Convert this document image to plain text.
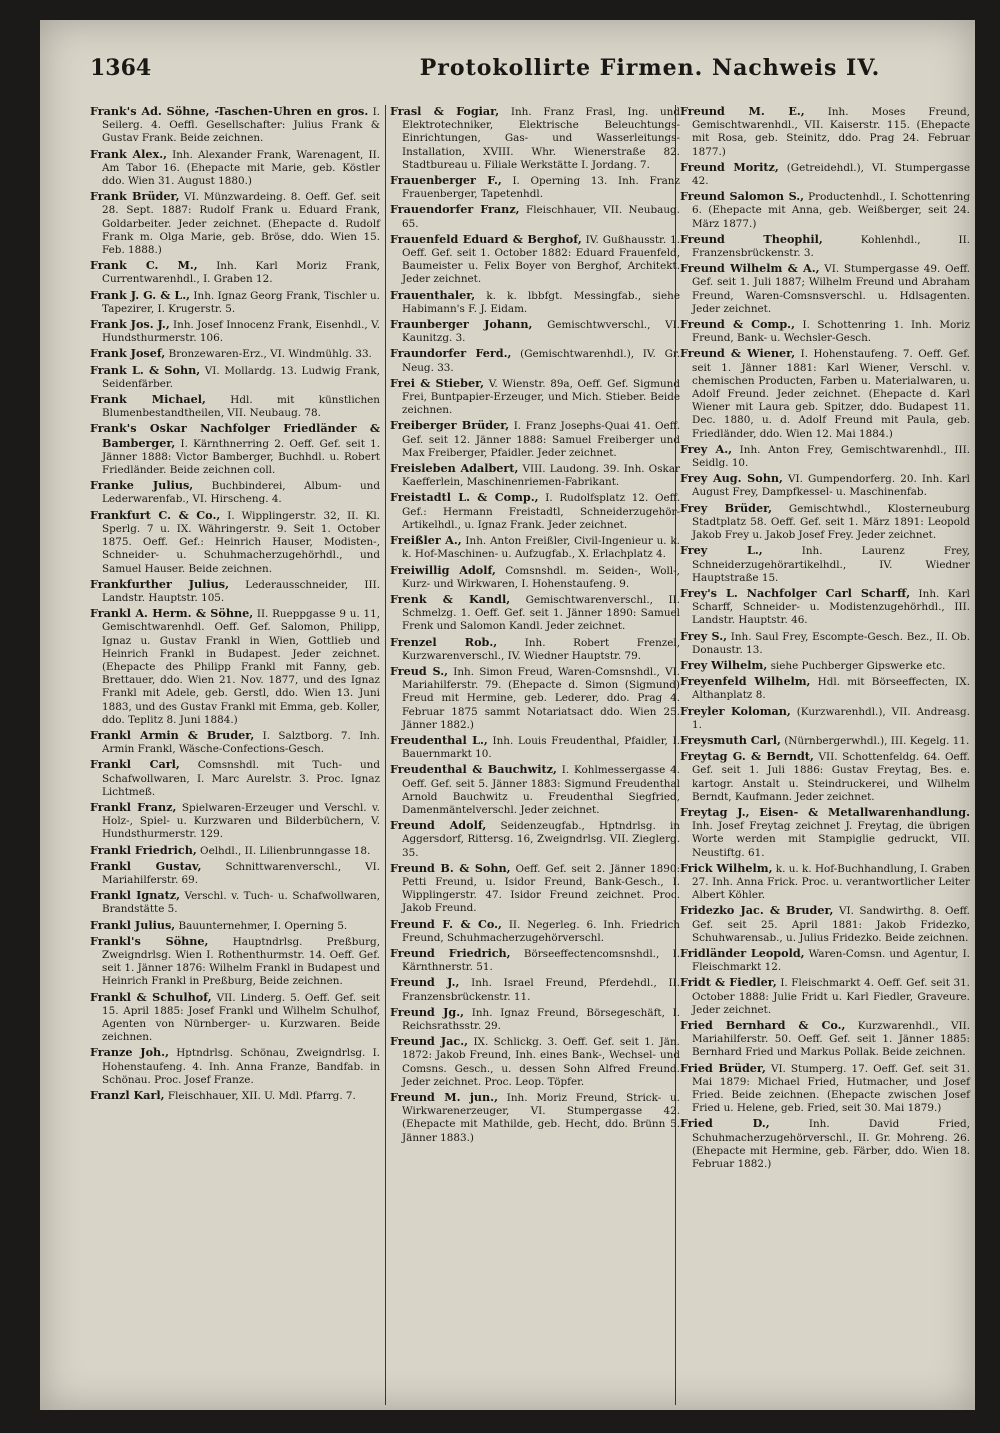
1364	Protokollirte Firmen. Nachweis IV.

Frank's Ad. Söhne, -Taschen-Uhren en gros. I. Seilerg. 4. Oeffl. Gesellschafter: Julius Frank & Gustav Frank. Beide zeichnen.

Frank Alex., Inh. Alexander Frank, Warenagent, II. Am Tabor 16. (Ehepacte mit Marie, geb. Köstler ddo. Wien 31. August 1880.)

Frank Brüder, VI. Münzwardeing. 8. Oeff. Gef. seit 28. Sept. 1887: Rudolf Frank u. Eduard Frank, Goldarbeiter. Jeder zeichnet. (Ehepacte d. Rudolf Frank m. Olga Marie, geb. Bröse, ddo. Wien 15. Feb. 1888.)

Frank C. M., Inh. Karl Moriz Frank, Currentwarenhdl., I. Graben 12.

Frank J. G. & L., Inh. Ignaz Georg Frank, Tischler u. Tapezirer, I. Krugerstr. 5.

Frank Jos. J., Inh. Josef Innocenz Frank, Eisenhdl., V. Hundsthurmerstr. 106.

Frank Josef, Bronzewaren-Erz., VI. Windmühlg. 33.

Frank L. & Sohn, VI. Mollardg. 13. Ludwig Frank, Seidenfärber.

Frank Michael, Hdl. mit künstlichen Blumenbestandtheilen, VII. Neubaug. 78.

Frank's Oskar Nachfolger Friedländer & Bamberger, I. Kärnthnerring 2. Oeff. Gef. seit 1. Jänner 1888: Victor Bamberger, Buchhdl. u. Robert Friedländer. Beide zeichnen coll.

Franke Julius, Buchbinderei, Album- und Lederwarenfab., VI. Hirscheng. 4.

Frankfurt C. & Co., I. Wipplingerstr. 32, II. Kl. Sperlg. 7 u. IX. Währingerstr. 9. Seit 1. October 1875. Oeff. Gef.: Heinrich Hauser, Modisten-, Schneider- u. Schuhmacherzugehörhdl., und Samuel Hauser. Beide zeichnen.

Frankfurther Julius, Lederausschneider, III. Landstr. Hauptstr. 105.

Frankl A. Herm. & Söhne, II. Rueppgasse 9 u. 11, Gemischtwarenhdl. Oeff. Gef. Salomon, Philipp, Ignaz u. Gustav Frankl in Wien, Gottlieb und Heinrich Frankl in Budapest. Jeder zeichnet. (Ehepacte des Philipp Frankl mit Fanny, geb. Brettauer, ddo. Wien 21. Nov. 1877, und des Ignaz Frankl mit Adele, geb. Gerstl, ddo. Wien 13. Juni 1883, und des Gustav Frankl mit Emma, geb. Koller, ddo. Teplitz 8. Juni 1884.)

Frankl Armin & Bruder, I. Salztborg. 7. Inh. Armin Frankl, Wäsche-Confections-Gesch.

Frankl Carl, Comsnshdl. mit Tuch- und Schafwollwaren, I. Marc Aurelstr. 3. Proc. Ignaz Lichtmeß.

Frankl Franz, Spielwaren-Erzeuger und Verschl. v. Holz-, Spiel- u. Kurzwaren und Bilderbüchern, V. Hundsthurmerstr. 129.

Frankl Friedrich, Oelhdl., II. Lilienbrunngasse 18.

Frankl Gustav, Schnittwarenverschl., VI. Mariahilferstr. 69.

Frankl Ignatz, Verschl. v. Tuch- u. Schafwollwaren, Brandstätte 5.

Frankl Julius, Bauunternehmer, I. Operning 5.

Frankl's Söhne, Hauptndrlsg. Preßburg, Zweigndrlsg. Wien I. Rothenthurmstr. 14. Oeff. Gef. seit 1. Jänner 1876: Wilhelm Frankl in Budapest und Heinrich Frankl in Preßburg, Beide zeichnen.

Frankl & Schulhof, VII. Linderg. 5. Oeff. Gef. seit 15. April 1885: Josef Frankl und Wilhelm Schulhof, Agenten von Nürnberger- u. Kurzwaren. Beide zeichnen.

Franze Joh., Hptndrlsg. Schönau, Zweigndrlsg. I. Hohenstaufeng. 4. Inh. Anna Franze, Bandfab. in Schönau. Proc. Josef Franze.

Franzl Karl, Fleischhauer, XII. U. Mdl. Pfarrg. 7.

Frasl & Fogiar, Inh. Franz Frasl, Ing. und Elektrotechniker, Elektrische Beleuchtungs-Einrichtungen, Gas- und Wasserleitungs-Installation, XVIII. Whr. Wienerstraße 82. Stadtbureau u. Filiale Werkstätte I. Jordang. 7.

Frauenberger F., I. Operning 13. Inh. Franz Frauenberger, Tapetenhdl.

Frauendorfer Franz, Fleischhauer, VII. Neubaug. 65.

Frauenfeld Eduard & Berghof, IV. Gußhausstr. 1. Oeff. Gef. seit 1. October 1882: Eduard Frauenfeld, Baumeister u. Felix Boyer von Berghof, Architekt. Jeder zeichnet.

Frauenthaler, k. k. lbbfgt. Messingfab., siehe Habimann's F. J. Eidam.

Fraunberger Johann, Gemischtwverschl., VI. Kaunitzg. 3.

Fraundorfer Ferd., (Gemischtwarenhdl.), IV. Gr. Neug. 33.

Frei & Stieber, V. Wienstr. 89a, Oeff. Gef. Sigmund Frei, Buntpapier-Erzeuger, und Mich. Stieber. Beide zeichnen.

Freiberger Brüder, I. Franz Josephs-Quai 41. Oeff. Gef. seit 12. Jänner 1888: Samuel Freiberger und Max Freiberger, Pfaidler. Jeder zeichnet.

Freisleben Adalbert, VIII. Laudong. 39. Inh. Oskar Kaefferlein, Maschinenriemen-Fabrikant.

Freistadtl L. & Comp., I. Rudolfsplatz 12. Oeff. Gef.: Hermann Freistadtl, Schneiderzugehör-Artikelhdl., u. Ignaz Frank. Jeder zeichnet.

Freißler A., Inh. Anton Freißler, Civil-Ingenieur u. k. k. Hof-Maschinen- u. Aufzugfab., X. Erlachplatz 4.

Freiwillig Adolf, Comsnshdl. m. Seiden-, Woll-, Kurz- und Wirkwaren, I. Hohenstaufeng. 9.

Frenk & Kandl, Gemischtwarenverschl., II. Schmelzg. 1. Oeff. Gef. seit 1. Jänner 1890: Samuel Frenk und Salomon Kandl. Jeder zeichnet.

Frenzel Rob.,	Inh. Robert Frenzel, Kurzwarenverschl., IV. Wiedner Hauptstr. 79.

Freud S., Inh. Simon Freud, Waren-Comsnshdl., VI. Mariahilferstr. 79. (Ehepacte d. Simon (Sigmund) Freud mit Hermine, geb. Lederer, ddo. Prag 4. Februar 1875 sammt Notariatsact ddo. Wien 25. Jänner 1882.)

Freudenthal L., Inh. Louis Freudenthal, Pfaidler, I. Bauernmarkt 10.

Freudenthal & Bauchwitz, I. Kohlmessergasse 4. Oeff. Gef. seit 5. Jänner 1883: Sigmund Freudenthal Arnold Bauchwitz u. Freudenthal Siegfried, Damenmäntelverschl. Jeder zeichnet.

Freund Adolf, Seidenzeugfab., Hptndrlsg. in Aggersdorf, Rittersg. 16, Zweigndrlsg. VII. Zieglerg. 35.

Freund B. & Sohn, Oeff. Gef. seit 2. Jänner 1890: Petti Freund, u. Isidor Freund, Bank-Gesch., I. Wipplingerstr. 47. Isidor Freund zeichnet. Proc. Jakob Freund.

Freund F. & Co., II. Negerleg. 6. Inh. Friedrich Freund, Schuhmacherzugehörverschl.

Freund Friedrich, Börseeffectencomsnshdl., I. Kärnthnerstr. 51.

Freund J., Inh. Israel Freund, Pferdehdl., II. Franzensbrückenstr. 11.

Freund Jg., Inh. Ignaz Freund, Börsegeschäft, I. Reichsrathsstr. 29.

Freund Jac., IX. Schlickg. 3. Oeff. Gef. seit 1. Jän. 1872: Jakob Freund, Inh. eines Bank-, Wechsel- und Comsns. Gesch., u. dessen Sohn Alfred Freund. Jeder zeichnet. Proc. Leop. Töpfer.

Freund M. jun., Inh. Moriz Freund, Strick- u. Wirkwarenerzeuger, VI. Stumpergasse 42. (Ehepacte mit Mathilde, geb. Hecht, ddo. Brünn 5. Jänner 1883.)

Freund M. E., Inh. Moses Freund, Gemischtwarenhdl., VII. Kaiserstr. 115. (Ehepacte mit Rosa, geb. Steinitz, ddo. Prag 24. Februar 1877.)

Freund Moritz, (Getreidehdl.), VI. Stumpergasse 42.

Freund Salomon S., Productenhdl., I. Schottenring 6. (Ehepacte mit Anna, geb. Weißberger, seit 24. März 1877.)

Freund Theophil,	Kohlenhdl., II. Franzensbrückenstr. 3.

Freund Wilhelm & A., VI. Stumpergasse 49. Oeff. Gef. seit 1. Juli 1887; Wilhelm Freund und Abraham Freund, Waren-Comsnsverschl. u. Hdlsagenten. Jeder zeichnet.

Freund & Comp., I. Schottenring 1. Inh. Moriz Freund, Bank- u. Wechsler-Gesch.

Freund & Wiener, I. Hohenstaufeng. 7. Oeff. Gef. seit 1. Jänner 1881: Karl Wiener, Verschl. v. chemischen Producten, Farben u. Materialwaren, u. Adolf Freund. Jeder zeichnet. (Ehepacte d. Karl Wiener mit Laura geb. Spitzer, ddo. Budapest 11. Dec. 1880, u. d. Adolf Freund mit Paula, geb. Friedländer, ddo. Wien 12. Mai 1884.)

Frey A., Inh. Anton Frey, Gemischtwarenhdl., III. Seidlg. 10.

Frey Aug. Sohn, VI. Gumpendorferg. 20. Inh. Karl August Frey, Dampfkessel- u. Maschinenfab.

Frey Brüder, Gemischtwhdl., Klosterneuburg Stadtplatz 58. Oeff. Gef. seit 1. März 1891: Leopold Jakob Frey u. Jakob Josef Frey. Jeder zeichnet.

Frey L.,	Inh. Laurenz Frey, Schneiderzugehörartikelhdl., IV. Wiedner Hauptstraße 15.

Frey's L. Nachfolger Carl Scharff, Inh. Karl Scharff, Schneider- u. Modistenzugehörhdl., III. Landstr. Hauptstr. 46.

Frey S., Inh. Saul Frey, Escompte-Gesch. Bez., II. Ob. Donaustr. 13.

Frey Wilhelm, siehe Puchberger Gipswerke etc.

Freyenfeld Wilhelm, Hdl. mit Börseeffecten, IX. Althanplatz 8.

Freyler Koloman, (Kurzwarenhdl.), VII. Andreasg. 1.

Freysmuth Carl, (Nürnbergerwhdl.), III. Kegelg. 11.

Freytag G. & Berndt, VII. Schottenfeldg. 64. Oeff. Gef. seit 1. Juli 1886: Gustav Freytag, Bes. e. kartogr. Anstalt u. Steindruckerei, und Wilhelm Berndt, Kaufmann. Jeder zeichnet.

Freytag J., Eisen- & Metallwarenhandlung. Inh. Josef Freytag zeichnet J. Freytag, die übrigen Worte werden mit Stampiglie gedruckt, VII. Neustiftg. 61.

Frick Wilhelm, k. u. k. Hof-Buchhandlung, I. Graben 27. Inh. Anna Frick. Proc. u. verantwortlicher Leiter Albert Köhler.

Fridezko Jac. & Bruder, VI. Sandwirthg. 8. Oeff. Gef. seit 25. April 1881: Jakob Fridezko, Schuhwarensab., u. Julius Fridezko. Beide zeichnen.

Fridländer Leopold, Waren-Comsn. und Agentur, I. Fleischmarkt 12.

Fridt & Fiedler, I. Fleischmarkt 4. Oeff. Gef. seit 31. October 1888: Julie Fridt u. Karl Fiedler, Graveure. Jeder zeichnet.

Fried Bernhard & Co., Kurzwarenhdl., VII. Mariahilferstr. 50. Oeff. Gef. seit 1. Jänner 1885: Bernhard Fried und Markus Pollak. Beide zeichnen.

Fried Brüder, VI. Stumperg. 17. Oeff. Gef. seit 31. Mai 1879: Michael Fried, Hutmacher, und Josef Fried. Beide zeichnen. (Ehepacte zwischen Josef Fried u. Helene, geb. Fried, seit 30. Mai 1879.)

Fried D.,	Inh. David Fried, Schuhmacherzugehörverschl., II. Gr. Mohreng. 26. (Ehepacte mit Hermine, geb. Färber, ddo. Wien 18. Februar 1882.)
